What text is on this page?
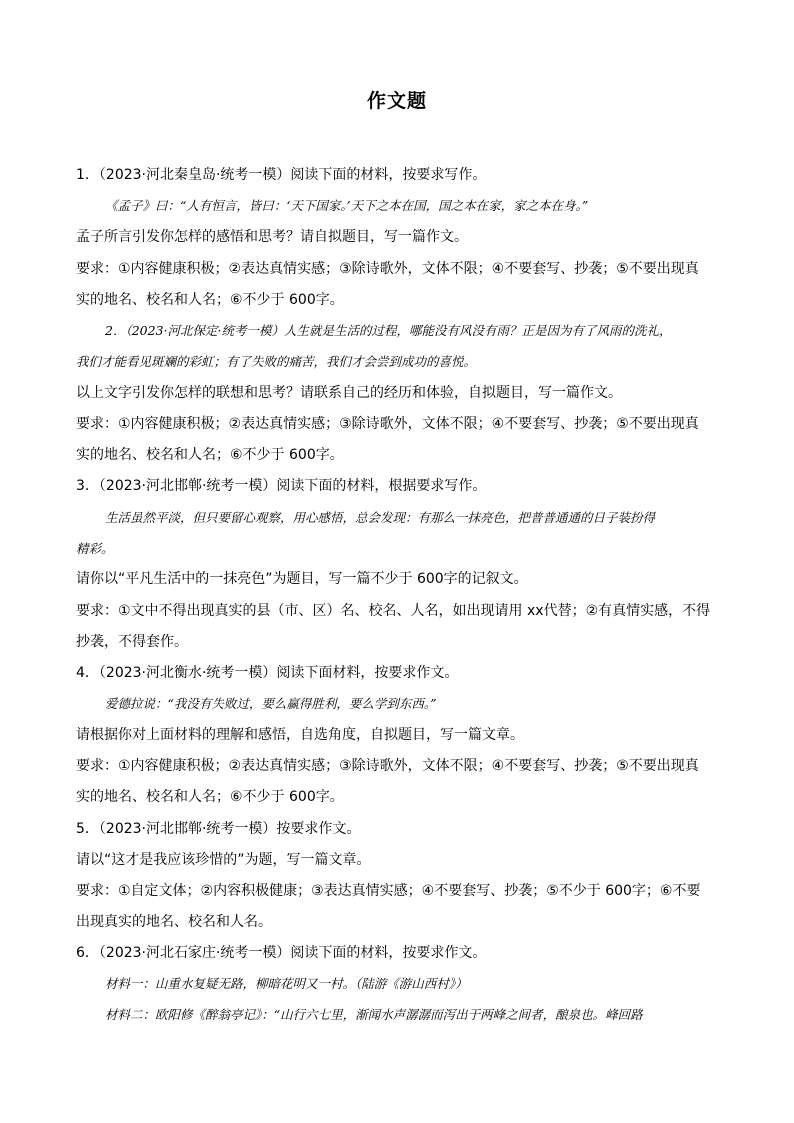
作文题
1．（2023·河北秦皇岛·统考一模）阅读下面的材料，按要求写作。
《孟子》曰：“人有恒言，皆曰：‘天下国家。’天下之本在国，国之本在家，家之本在身。”
孟子所言引发你怎样的感悟和思考？请自拟题目，写一篇作文。
要求：①内容健康积极；②表达真情实感；③除诗歌外，文体不限；④不要套写、抄袭；⑤不要出现真
实的地名、校名和人名；⑥不少于 600字。
2．（2023·河北保定·统考一模）人生就是生活的过程，哪能没有风没有雨？正是因为有了风雨的洗礼，
我们才能看见斑斓的彩虹；有了失败的痛苦，我们才会尝到成功的喜悦。
以上文字引发你怎样的联想和思考？请联系自己的经历和体验，自拟题目，写一篇作文。
要求：①内容健康积极；②表达真情实感；③除诗歌外，文体不限；④不要套写、抄袭；⑤不要出现真
实的地名、校名和人名；⑥不少于 600字。
3．（2023·河北邯郸·统考一模）阅读下面的材料，根据要求写作。
生活虽然平淡，但只要留心观察，用心感悟，总会发现：有那么一抹亮色，把普普通通的日子装扮得
精彩。
请你以“平凡生活中的一抹亮色”为题目，写一篇不少于 600字的记叙文。
要求：①文中不得出现真实的县（市、区）名、校名、人名，如出现请用 xx代替；②有真情实感，不得
抄袭，不得套作。
4．（2023·河北衡水·统考一模）阅读下面材料，按要求作文。
爱德拉说：“我没有失败过，要么赢得胜利，要么学到东西。”
请根据你对上面材料的理解和感悟，自选角度，自拟题目，写一篇文章。
要求：①内容健康积极；②表达真情实感；③除诗歌外，文体不限；④不要套写、抄袭；⑤不要出现真
实的地名、校名和人名；⑥不少于 600字。
5．（2023·河北邯郸·统考一模）按要求作文。
请以“这才是我应该珍惜的”为题，写一篇文章。
要求：①自定文体；②内容积极健康；③表达真情实感；④不要套写、抄袭；⑤不少于 600字；⑥不要
出现真实的地名、校名和人名。
6．（2023·河北石家庄·统考一模）阅读下面的材料，按要求作文。
材料一：山重水复疑无路，柳暗花明又一村。（陆游《游山西村》）
材料二：欧阳修《醉翁亭记》：“山行六七里，渐闻水声潺潺而泻出于两峰之间者，酿泉也。峰回路
